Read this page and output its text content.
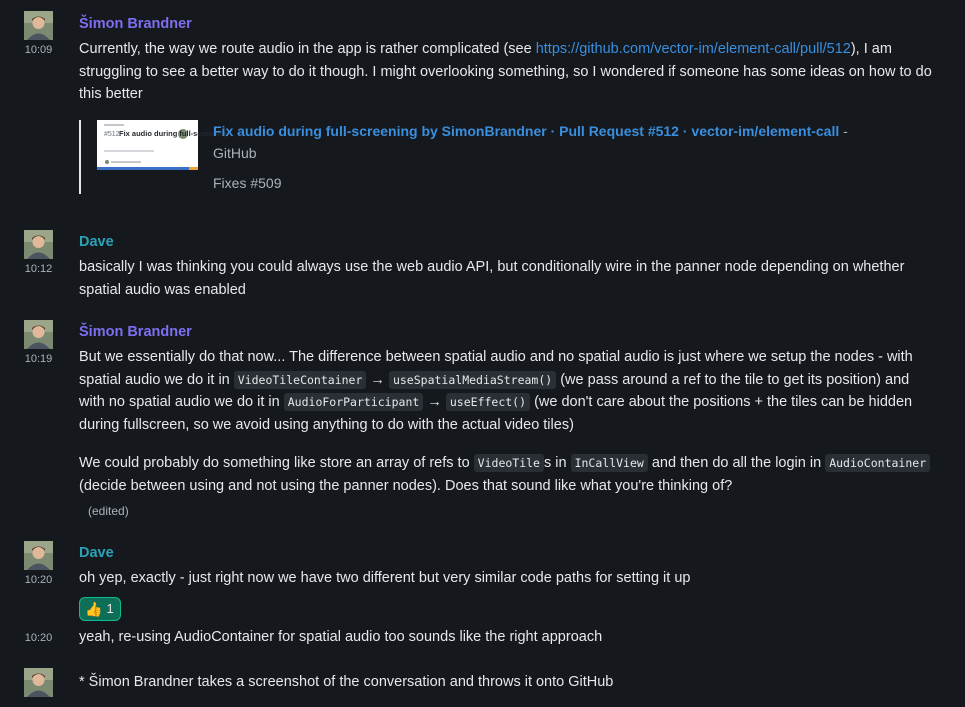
10:09
Šimon Brandner
Currently, the way we route audio in the app is rather complicated (see https://github.com/vector-im/element-call/pull/512), I am struggling to see a better way to do it though. I might overlooking something, so I wondered if someone has some ideas on how to do this better
#512 Fix audio during full-screening
Fix audio during full-screening by SimonBrandner · Pull Request #512 · vector-im/element-call - GitHub
Fixes #509
10:12
Dave
basically I was thinking you could always use the web audio API, but conditionally wire in the panner node depending on whether spatial audio was enabled
10:19
Šimon Brandner
But we essentially do that now... The difference between spatial audio and no spatial audio is just where we setup the nodes - with spatial audio we do it in VideoTileContainer → useSpatialMediaStream() (we pass around a ref to the tile to get its position) and with no spatial audio we do it in AudioForParticipant → useEffect() (we don't care about the positions + the tiles can be hidden during fullscreen, so we avoid using anything to do with the actual video tiles)
We could probably do something like store an array of refs to VideoTile s in InCallView and then do all the login in AudioContainer (decide between using and not using the panner nodes). Does that sound like what you're thinking of?
(edited)
10:20
Dave
oh yep, exactly - just right now we have two different but very similar code paths for setting it up
👍 1
10:20	yeah, re-using AudioContainer for spatial audio too sounds like the right approach
* Šimon Brandner takes a screenshot of the conversation and throws it onto GitHub
